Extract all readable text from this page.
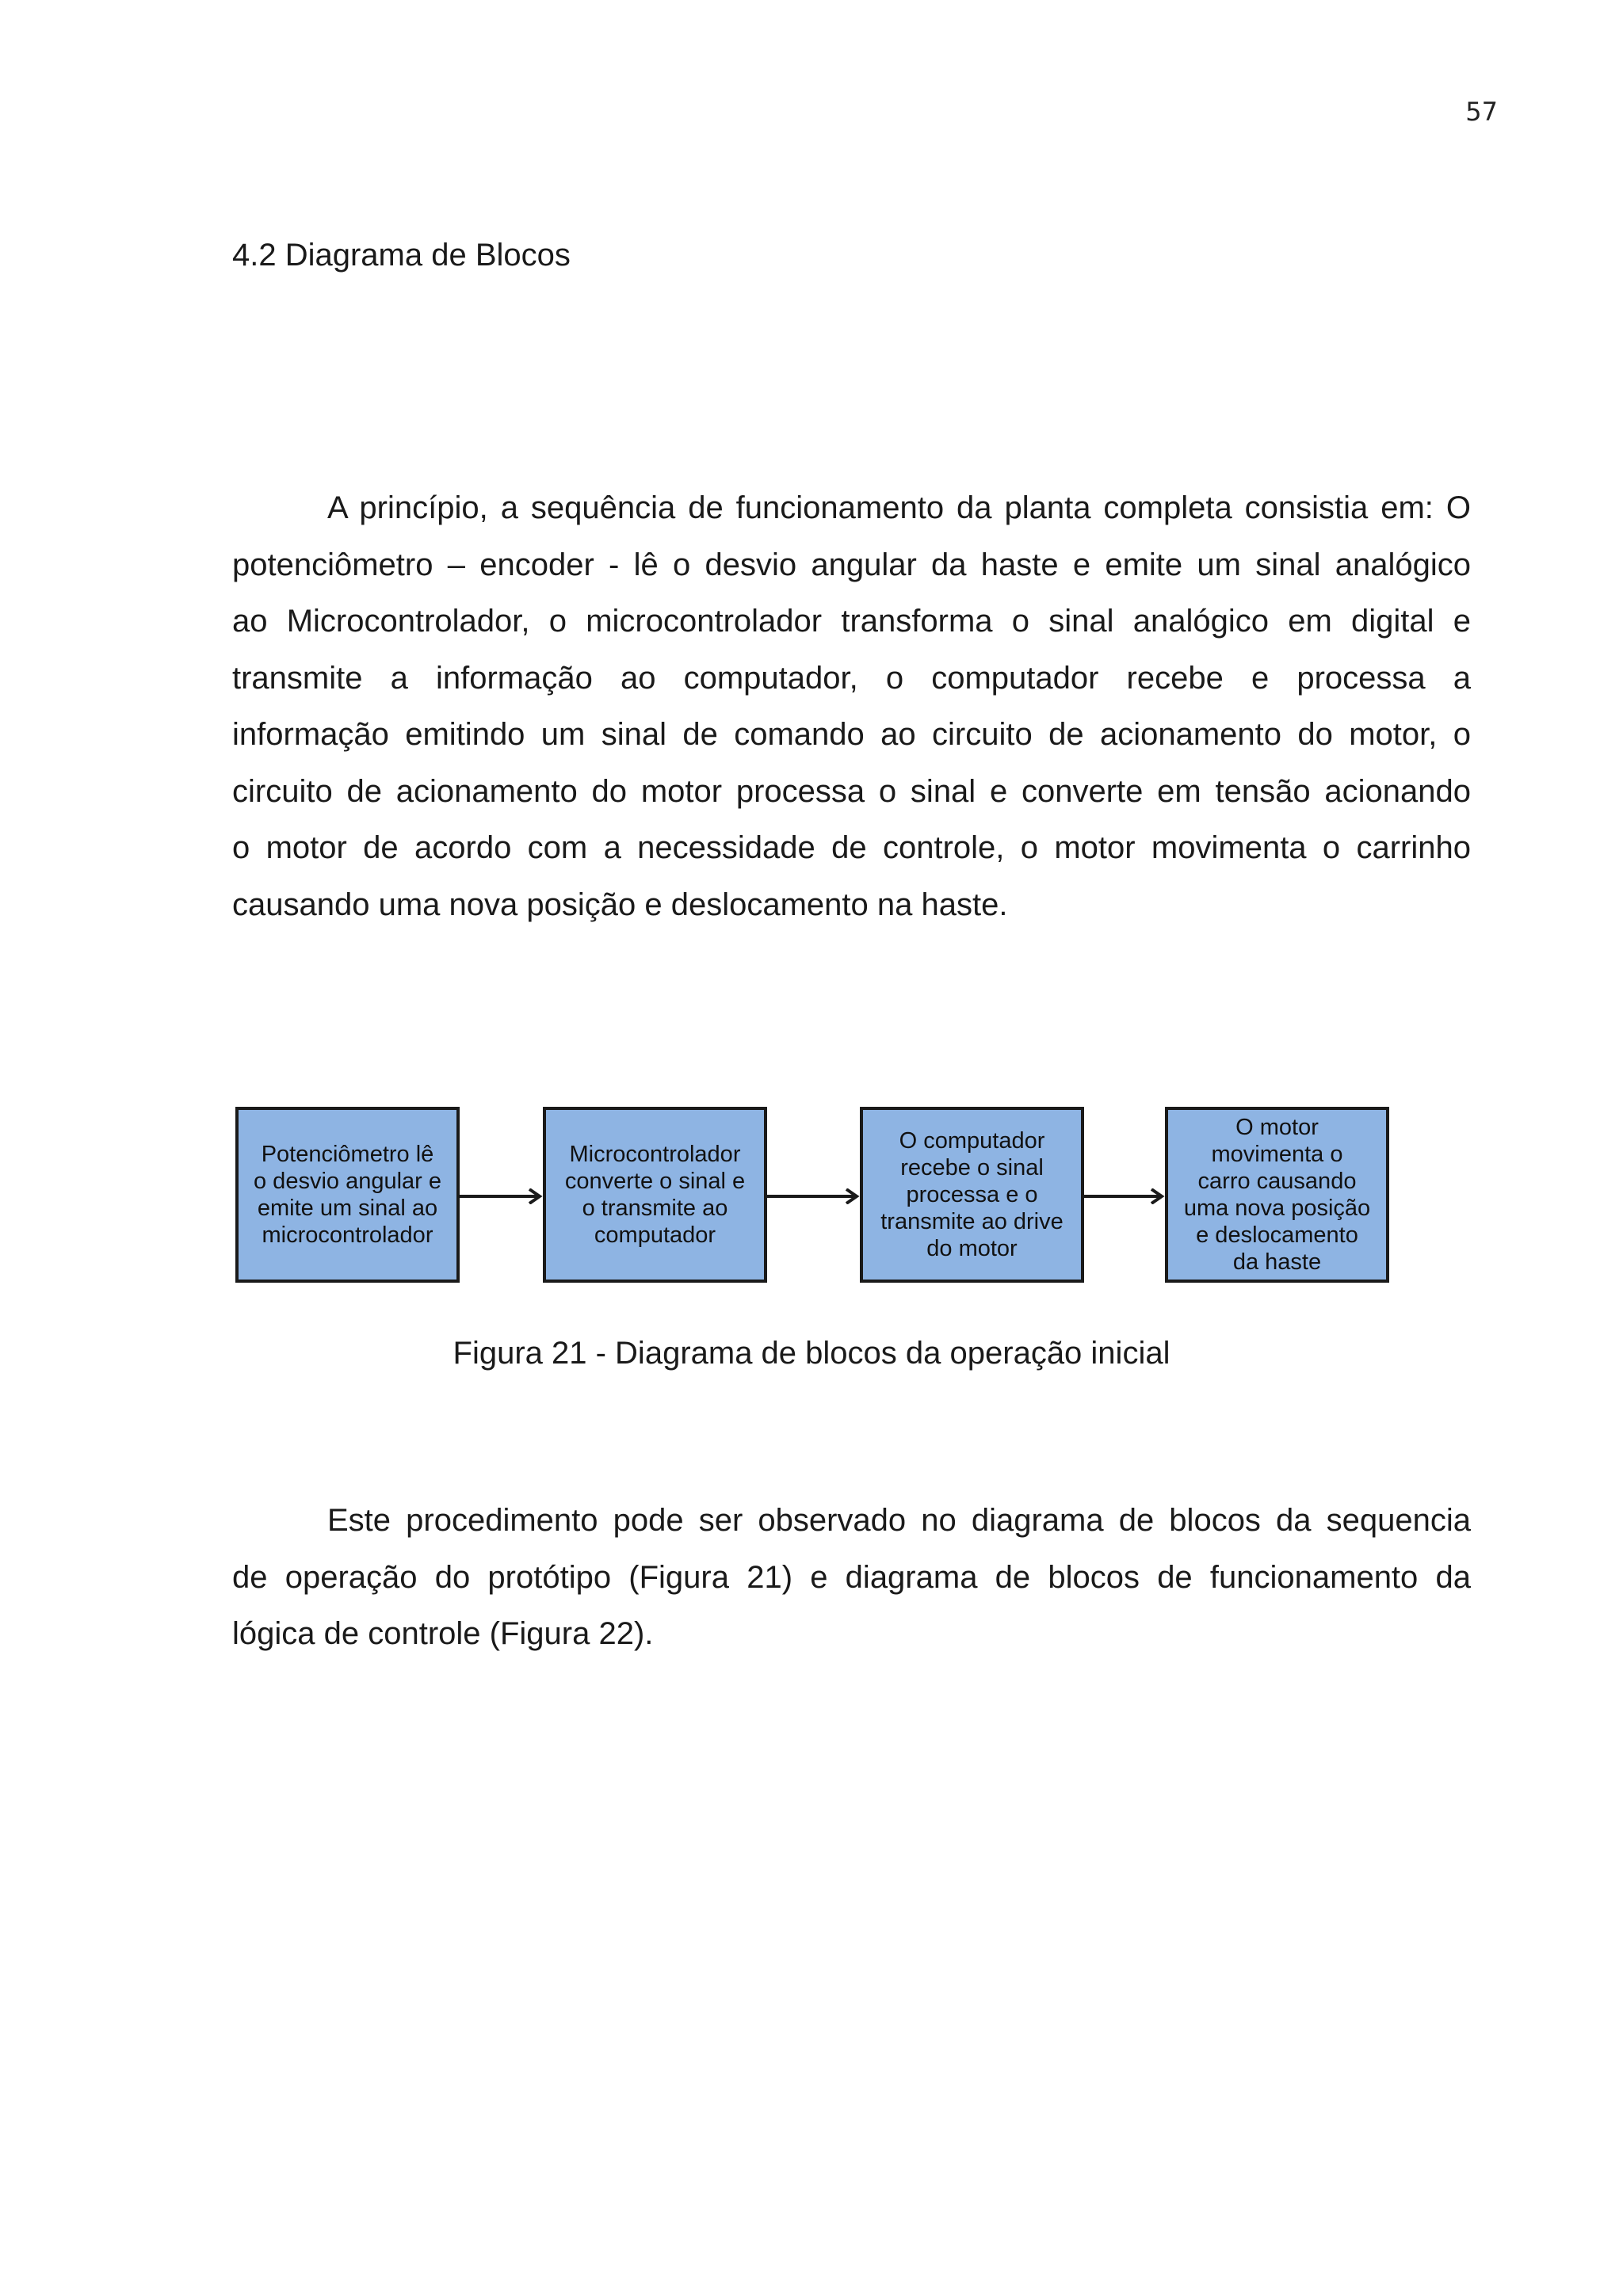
57
4.2 Diagrama de Blocos

A princípio, a sequência de funcionamento da planta completa consistia em: O
potenciômetro – encoder - lê o desvio angular da haste e emite um sinal analógico
ao Microcontrolador, o microcontrolador transforma o sinal analógico em digital e
transmite a informação ao computador, o computador recebe e processa a
informação emitindo um sinal de comando ao circuito de acionamento do motor, o
circuito de acionamento do motor processa o sinal e converte em tensão acionando
o motor de acordo com a necessidade de controle, o motor movimenta o carrinho
causando uma nova posição e deslocamento na haste.

Potenciômetro lê
o desvio angular e
emite um sinal ao
microcontrolador
Microcontrolador
converte o sinal e
o transmite ao
computador
O computador
recebe o sinal
processa e o
transmite ao drive
do motor
O motor
movimenta o
carro causando
uma nova posição
e deslocamento
da haste

Figura 21 - Diagrama de blocos da operação inicial

Este procedimento pode ser observado no diagrama de blocos da sequencia
de operação do protótipo (Figura 21) e diagrama de blocos de funcionamento da
lógica de controle (Figura 22).
